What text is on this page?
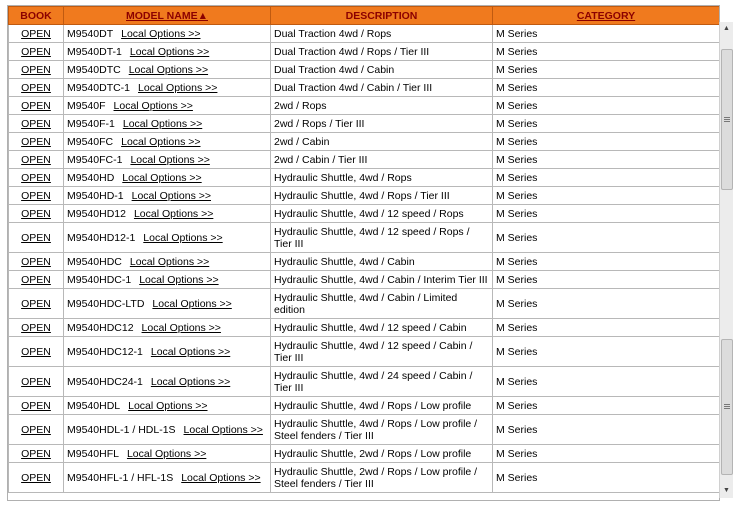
BOOK	MODEL NAME▲	DESCRIPTION	CATEGORY
OPEN	M9540DT Local Options >>	Dual Traction 4wd / Rops	M Series
OPEN	M9540DT-1 Local Options >>	Dual Traction 4wd / Rops / Tier III	M Series
OPEN	M9540DTC Local Options >>	Dual Traction 4wd / Cabin	M Series
OPEN	M9540DTC-1 Local Options >>	Dual Traction 4wd / Cabin / Tier III	M Series
OPEN	M9540F Local Options >>	2wd / Rops	M Series
OPEN	M9540F-1 Local Options >>	2wd / Rops / Tier III	M Series
OPEN	M9540FC Local Options >>	2wd / Cabin	M Series
OPEN	M9540FC-1 Local Options >>	2wd / Cabin / Tier III	M Series
OPEN	M9540HD Local Options >>	Hydraulic Shuttle, 4wd / Rops	M Series
OPEN	M9540HD-1 Local Options >>	Hydraulic Shuttle, 4wd / Rops / Tier III	M Series
OPEN	M9540HD12 Local Options >>	Hydraulic Shuttle, 4wd / 12 speed / Rops	M Series
OPEN	M9540HD12-1 Local Options >>	Hydraulic Shuttle, 4wd / 12 speed / Rops / Tier III	M Series
OPEN	M9540HDC Local Options >>	Hydraulic Shuttle, 4wd / Cabin	M Series
OPEN	M9540HDC-1 Local Options >>	Hydraulic Shuttle, 4wd / Cabin / Interim Tier III	M Series
OPEN	M9540HDC-LTD Local Options >>	Hydraulic Shuttle, 4wd / Cabin / Limited edition	M Series
OPEN	M9540HDC12 Local Options >>	Hydraulic Shuttle, 4wd / 12 speed / Cabin	M Series
OPEN	M9540HDC12-1 Local Options >>	Hydraulic Shuttle, 4wd / 12 speed / Cabin / Tier III	M Series
OPEN	M9540HDC24-1 Local Options >>	Hydraulic Shuttle, 4wd / 24 speed / Cabin / Tier III	M Series
OPEN	M9540HDL Local Options >>	Hydraulic Shuttle, 4wd / Rops / Low profile	M Series
OPEN	M9540HDL-1 / HDL-1S Local Options >>	Hydraulic Shuttle, 4wd / Rops / Low profile / Steel fenders / Tier III	M Series
OPEN	M9540HFL Local Options >>	Hydraulic Shuttle, 2wd / Rops / Low profile	M Series
OPEN	M9540HFL-1 / HFL-1S Local Options >>	Hydraulic Shuttle, 2wd / Rops / Low profile / Steel fenders / Tier III	M Series
▲
▼
